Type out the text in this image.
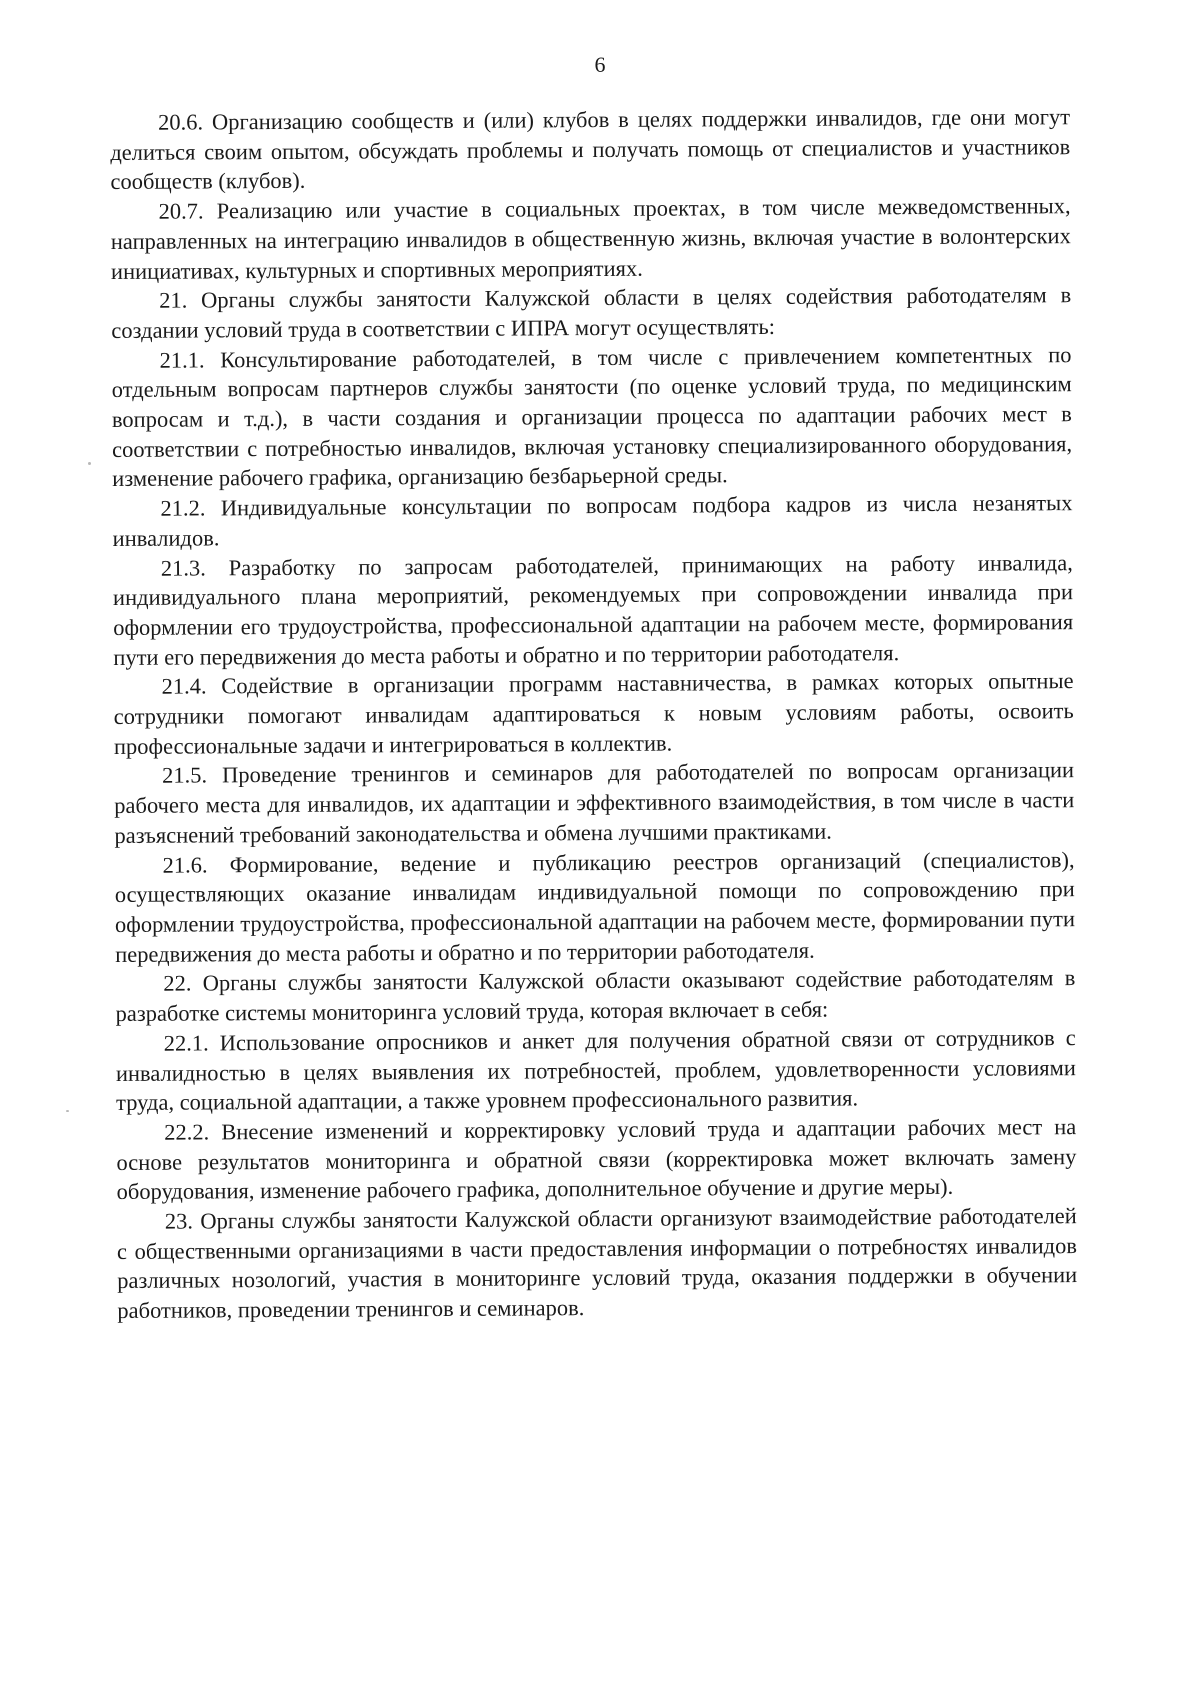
6

20.6. Организацию сообществ и (или) клубов в целях поддержки инвалидов, где они могут делиться своим опытом, обсуждать проблемы и получать помощь от специалистов и участников сообществ (клубов).

20.7. Реализацию или участие в социальных проектах, в том числе межведомственных, направленных на интеграцию инвалидов в общественную жизнь, включая участие в волонтерских инициативах, культурных и спортивных мероприятиях.

21. Органы службы занятости Калужской области в целях содействия работодателям в создании условий труда в соответствии с ИПРА могут осуществлять:

21.1. Консультирование работодателей, в том числе с привлечением компетентных по отдельным вопросам партнеров службы занятости (по оценке условий труда, по медицинским вопросам и т.д.), в части создания и организации процесса по адаптации рабочих мест в соответствии с потребностью инвалидов, включая установку специализированного оборудования, изменение рабочего графика, организацию безбарьерной среды.

21.2. Индивидуальные консультации по вопросам подбора кадров из числа незанятых инвалидов.

21.3. Разработку по запросам работодателей, принимающих на работу инвалида, индивидуального плана мероприятий, рекомендуемых при сопровождении инвалида при оформлении его трудоустройства, профессиональной адаптации на рабочем месте, формирования пути его передвижения до места работы и обратно и по территории работодателя.

21.4. Содействие в организации программ наставничества, в рамках которых опытные сотрудники помогают инвалидам адаптироваться к новым условиям работы, освоить профессиональные задачи и интегрироваться в коллектив.

21.5. Проведение тренингов и семинаров для работодателей по вопросам организации рабочего места для инвалидов, их адаптации и эффективного взаимодействия, в том числе в части разъяснений требований законодательства и обмена лучшими практиками.

21.6. Формирование, ведение и публикацию реестров организаций (специалистов), осуществляющих оказание инвалидам индивидуальной помощи по сопровождению при оформлении трудоустройства, профессиональной адаптации на рабочем месте, формировании пути передвижения до места работы и обратно и по территории работодателя.

22. Органы службы занятости Калужской области оказывают содействие работодателям в разработке системы мониторинга условий труда, которая включает в себя:

22.1. Использование опросников и анкет для получения обратной связи от сотрудников с инвалидностью в целях выявления их потребностей, проблем, удовлетворенности условиями труда, социальной адаптации, а также уровнем профессионального развития.

22.2. Внесение изменений и корректировку условий труда и адаптации рабочих мест на основе результатов мониторинга и обратной связи (корректировка может включать замену оборудования, изменение рабочего графика, дополнительное обучение и другие меры).

23. Органы службы занятости Калужской области организуют взаимодействие работодателей с общественными организациями в части предоставления информации о потребностях инвалидов различных нозологий, участия в мониторинге условий труда, оказания поддержки в обучении работников, проведении тренингов и семинаров.
